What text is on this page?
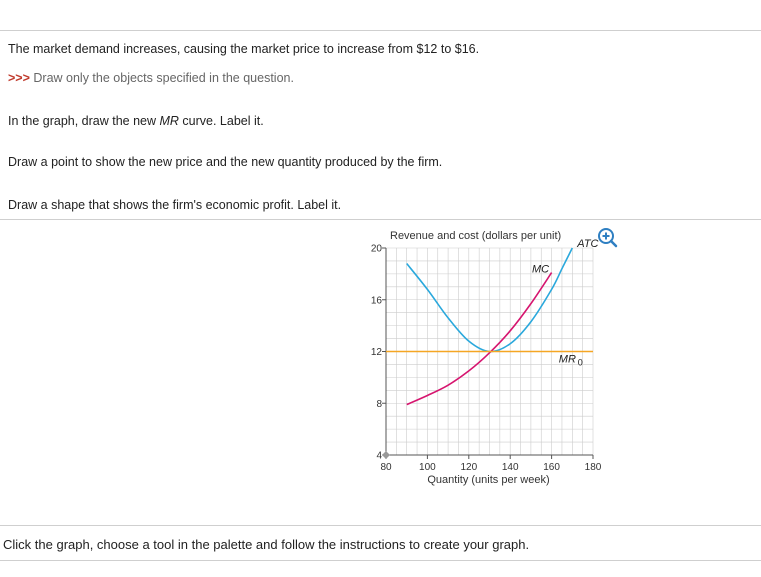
The market demand increases, causing the market price to increase from $12 to $16.
>>> Draw only the objects specified in the question.
In the graph, draw the new MR curve. Label it.
Draw a point to show the new price and the new quantity produced by the firm.
Draw a shape that shows the firm's economic profit. Label it.
80	100 120 140 160 180
4
8
12
16
20
Revenue and cost (dollars per unit)
Quantity (units per week)
ATC
MC
MR 0
Click the graph, choose a tool in the palette and follow the instructions to create your graph.
